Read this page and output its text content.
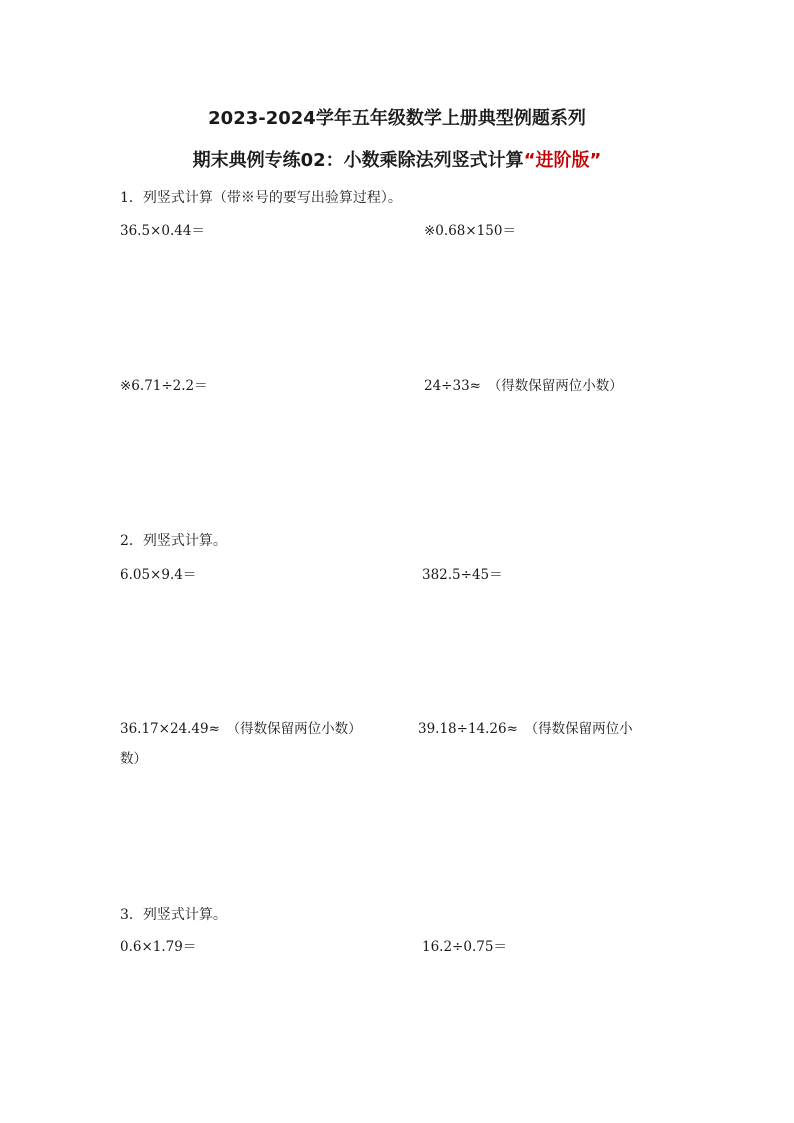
2023-2024学年五年级数学上册典型例题系列
期末典例专练02：小数乘除法列竖式计算“进阶版”
1．列竖式计算（带※号的要写出验算过程）。
36.5×0.44＝	※0.68×150＝
※6.71÷2.2＝	24÷33≈　（得数保留两位小数）
2．列竖式计算。
6.05×9.4＝	382.5÷45＝
36.17×24.49≈　（得数保留两位小数）	39.18÷14.26≈　（得数保留两位小
数）
3．列竖式计算。
0.6×1.79＝	16.2÷0.75＝
